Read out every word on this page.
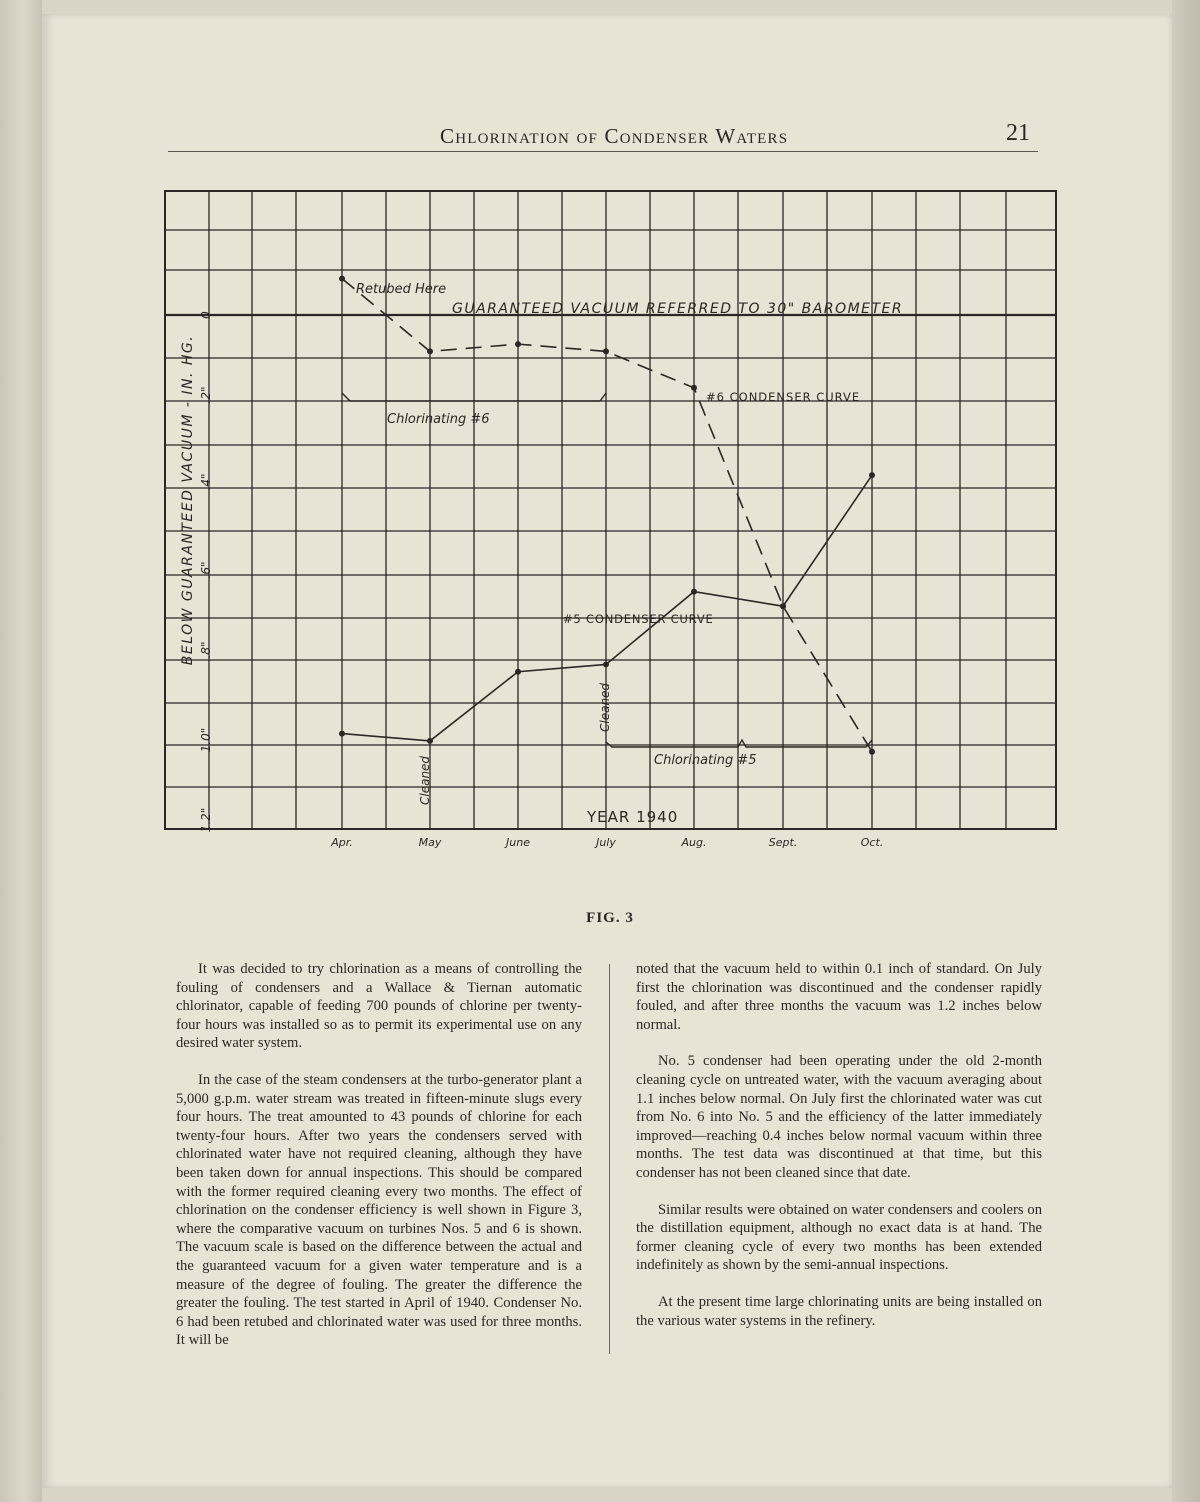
Chlorination of Condenser Waters	21
Apr.	May	June	July	Aug.	Sept.	Oct.
0
.2"
.4"
.6"
.8"
1.0"
1.2"
BELOW GUARANTEED VACUUM - IN. HG.
Retubed Here
GUARANTEED VACUUM REFERRED TO 30" BAROMETER
#6 CONDENSER CURVE
Chlorinating #6
#5 CONDENSER CURVE
Chlorinating #5
Cleaned
Cleaned
YEAR 1940
FIG. 3

It was decided to try chlorination as a means of controlling the fouling of condensers and a Wallace & Tiernan automatic chlorinator, capable of feeding 700 pounds of chlorine per twenty-four hours was installed so as to permit its experimental use on any desired water system.

In the case of the steam condensers at the turbo-generator plant a 5,000 g.p.m. water stream was treated in fifteen-minute slugs every four hours. The treat amounted to 43 pounds of chlorine for each twenty-four hours. After two years the condensers served with chlorinated water have not required cleaning, although they have been taken down for annual inspections. This should be compared with the former required cleaning every two months. The effect of chlorination on the condenser efficiency is well shown in Figure 3, where the comparative vacuum on turbines Nos. 5 and 6 is shown. The vacuum scale is based on the difference between the actual and the guaranteed vacuum for a given water temperature and is a measure of the degree of fouling. The greater the difference the greater the fouling. The test started in April of 1940. Condenser No. 6 had been retubed and chlorinated water was used for three months. It will be

noted that the vacuum held to within 0.1 inch of standard. On July first the chlorination was discontinued and the condenser rapidly fouled, and after three months the vacuum was 1.2 inches below normal.

No. 5 condenser had been operating under the old 2-month cleaning cycle on untreated water, with the vacuum averaging about 1.1 inches below normal. On July first the chlorinated water was cut from No. 6 into No. 5 and the efficiency of the latter immediately improved—reaching 0.4 inches below normal vacuum within three months. The test data was discontinued at that time, but this condenser has not been cleaned since that date.

Similar results were obtained on water condensers and coolers on the distillation equipment, although no exact data is at hand. The former cleaning cycle of every two months has been extended indefinitely as shown by the semi-annual inspections.

At the present time large chlorinating units are being installed on the various water systems in the refinery.
